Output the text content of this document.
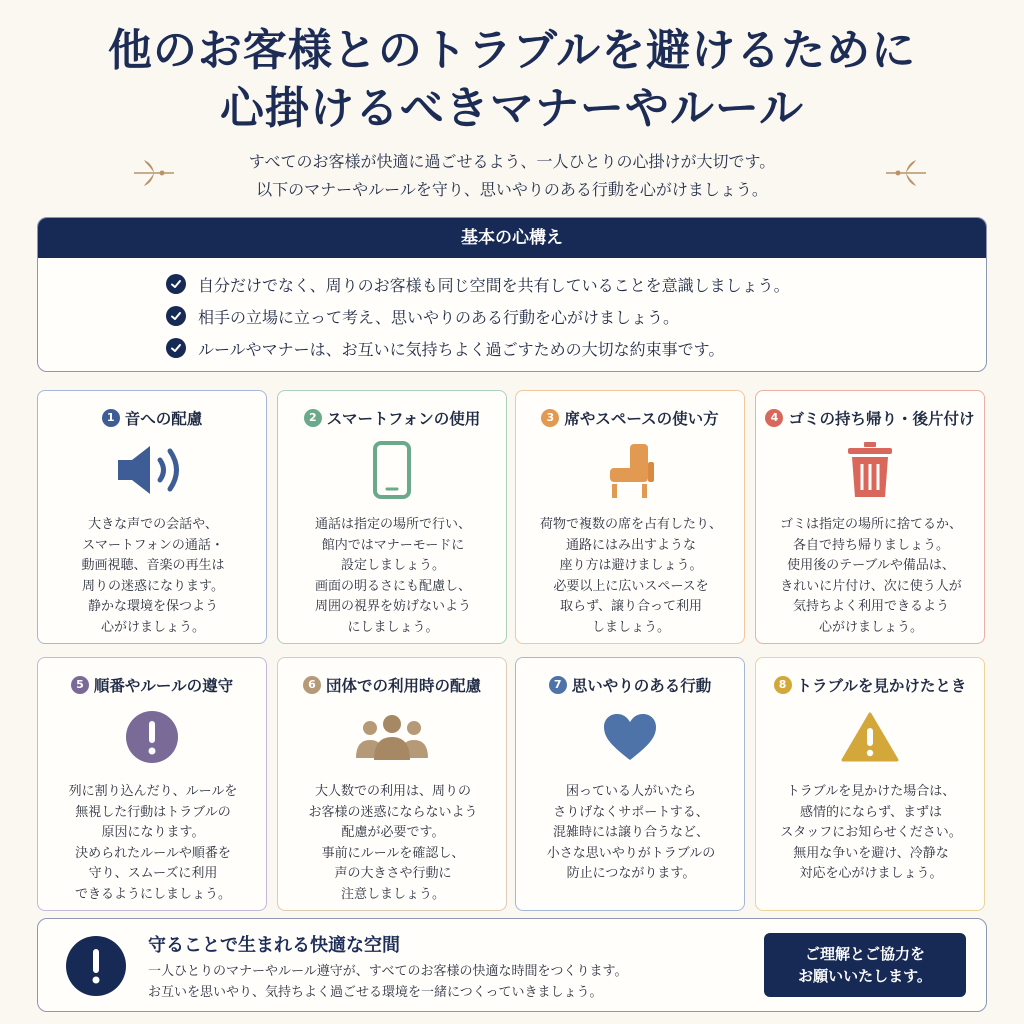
他のお客様とのトラブルを避けるために
心掛けるべきマナーやルール
すべてのお客様が快適に過ごせるよう、一人ひとりの心掛けが大切です。
以下のマナーやルールを守り、思いやりのある行動を心がけましょう。
基本の心構え
自分だけでなく、周りのお客様も同じ空間を共有していることを意識しましょう。
相手の立場に立って考え、思いやりのある行動を心がけましょう。
ルールやマナーは、お互いに気持ちよく過ごすための大切な約束事です。
1 音への配慮
大きな声での会話や、
スマートフォンの通話・
動画視聴、音楽の再生は
周りの迷惑になります。
静かな環境を保つよう
心がけましょう。
2 スマートフォンの使用
通話は指定の場所で行い、
館内ではマナーモードに
設定しましょう。
画面の明るさにも配慮し、
周囲の視界を妨げないよう
にしましょう。
3 席やスペースの使い方
荷物で複数の席を占有したり、
通路にはみ出すような
座り方は避けましょう。
必要以上に広いスペースを
取らず、譲り合って利用
しましょう。
4 ゴミの持ち帰り・後片付け
ゴミは指定の場所に捨てるか、
各自で持ち帰りましょう。
使用後のテーブルや備品は、
きれいに片付け、次に使う人が
気持ちよく利用できるよう
心がけましょう。
5 順番やルールの遵守
列に割り込んだり、ルールを
無視した行動はトラブルの
原因になります。
決められたルールや順番を
守り、スムーズに利用
できるようにしましょう。
6 団体での利用時の配慮
大人数での利用は、周りの
お客様の迷惑にならないよう
配慮が必要です。
事前にルールを確認し、
声の大きさや行動に
注意しましょう。
7 思いやりのある行動
困っている人がいたら
さりげなくサポートする、
混雑時には譲り合うなど、
小さな思いやりがトラブルの
防止につながります。
8 トラブルを見かけたとき
トラブルを見かけた場合は、
感情的にならず、まずは
スタッフにお知らせください。
無用な争いを避け、冷静な
対応を心がけましょう。
守ることで生まれる快適な空間
一人ひとりのマナーやルール遵守が、すべてのお客様の快適な時間をつくります。
お互いを思いやり、気持ちよく過ごせる環境を一緒につくっていきましょう。
ご理解とご協力を
お願いいたします。
